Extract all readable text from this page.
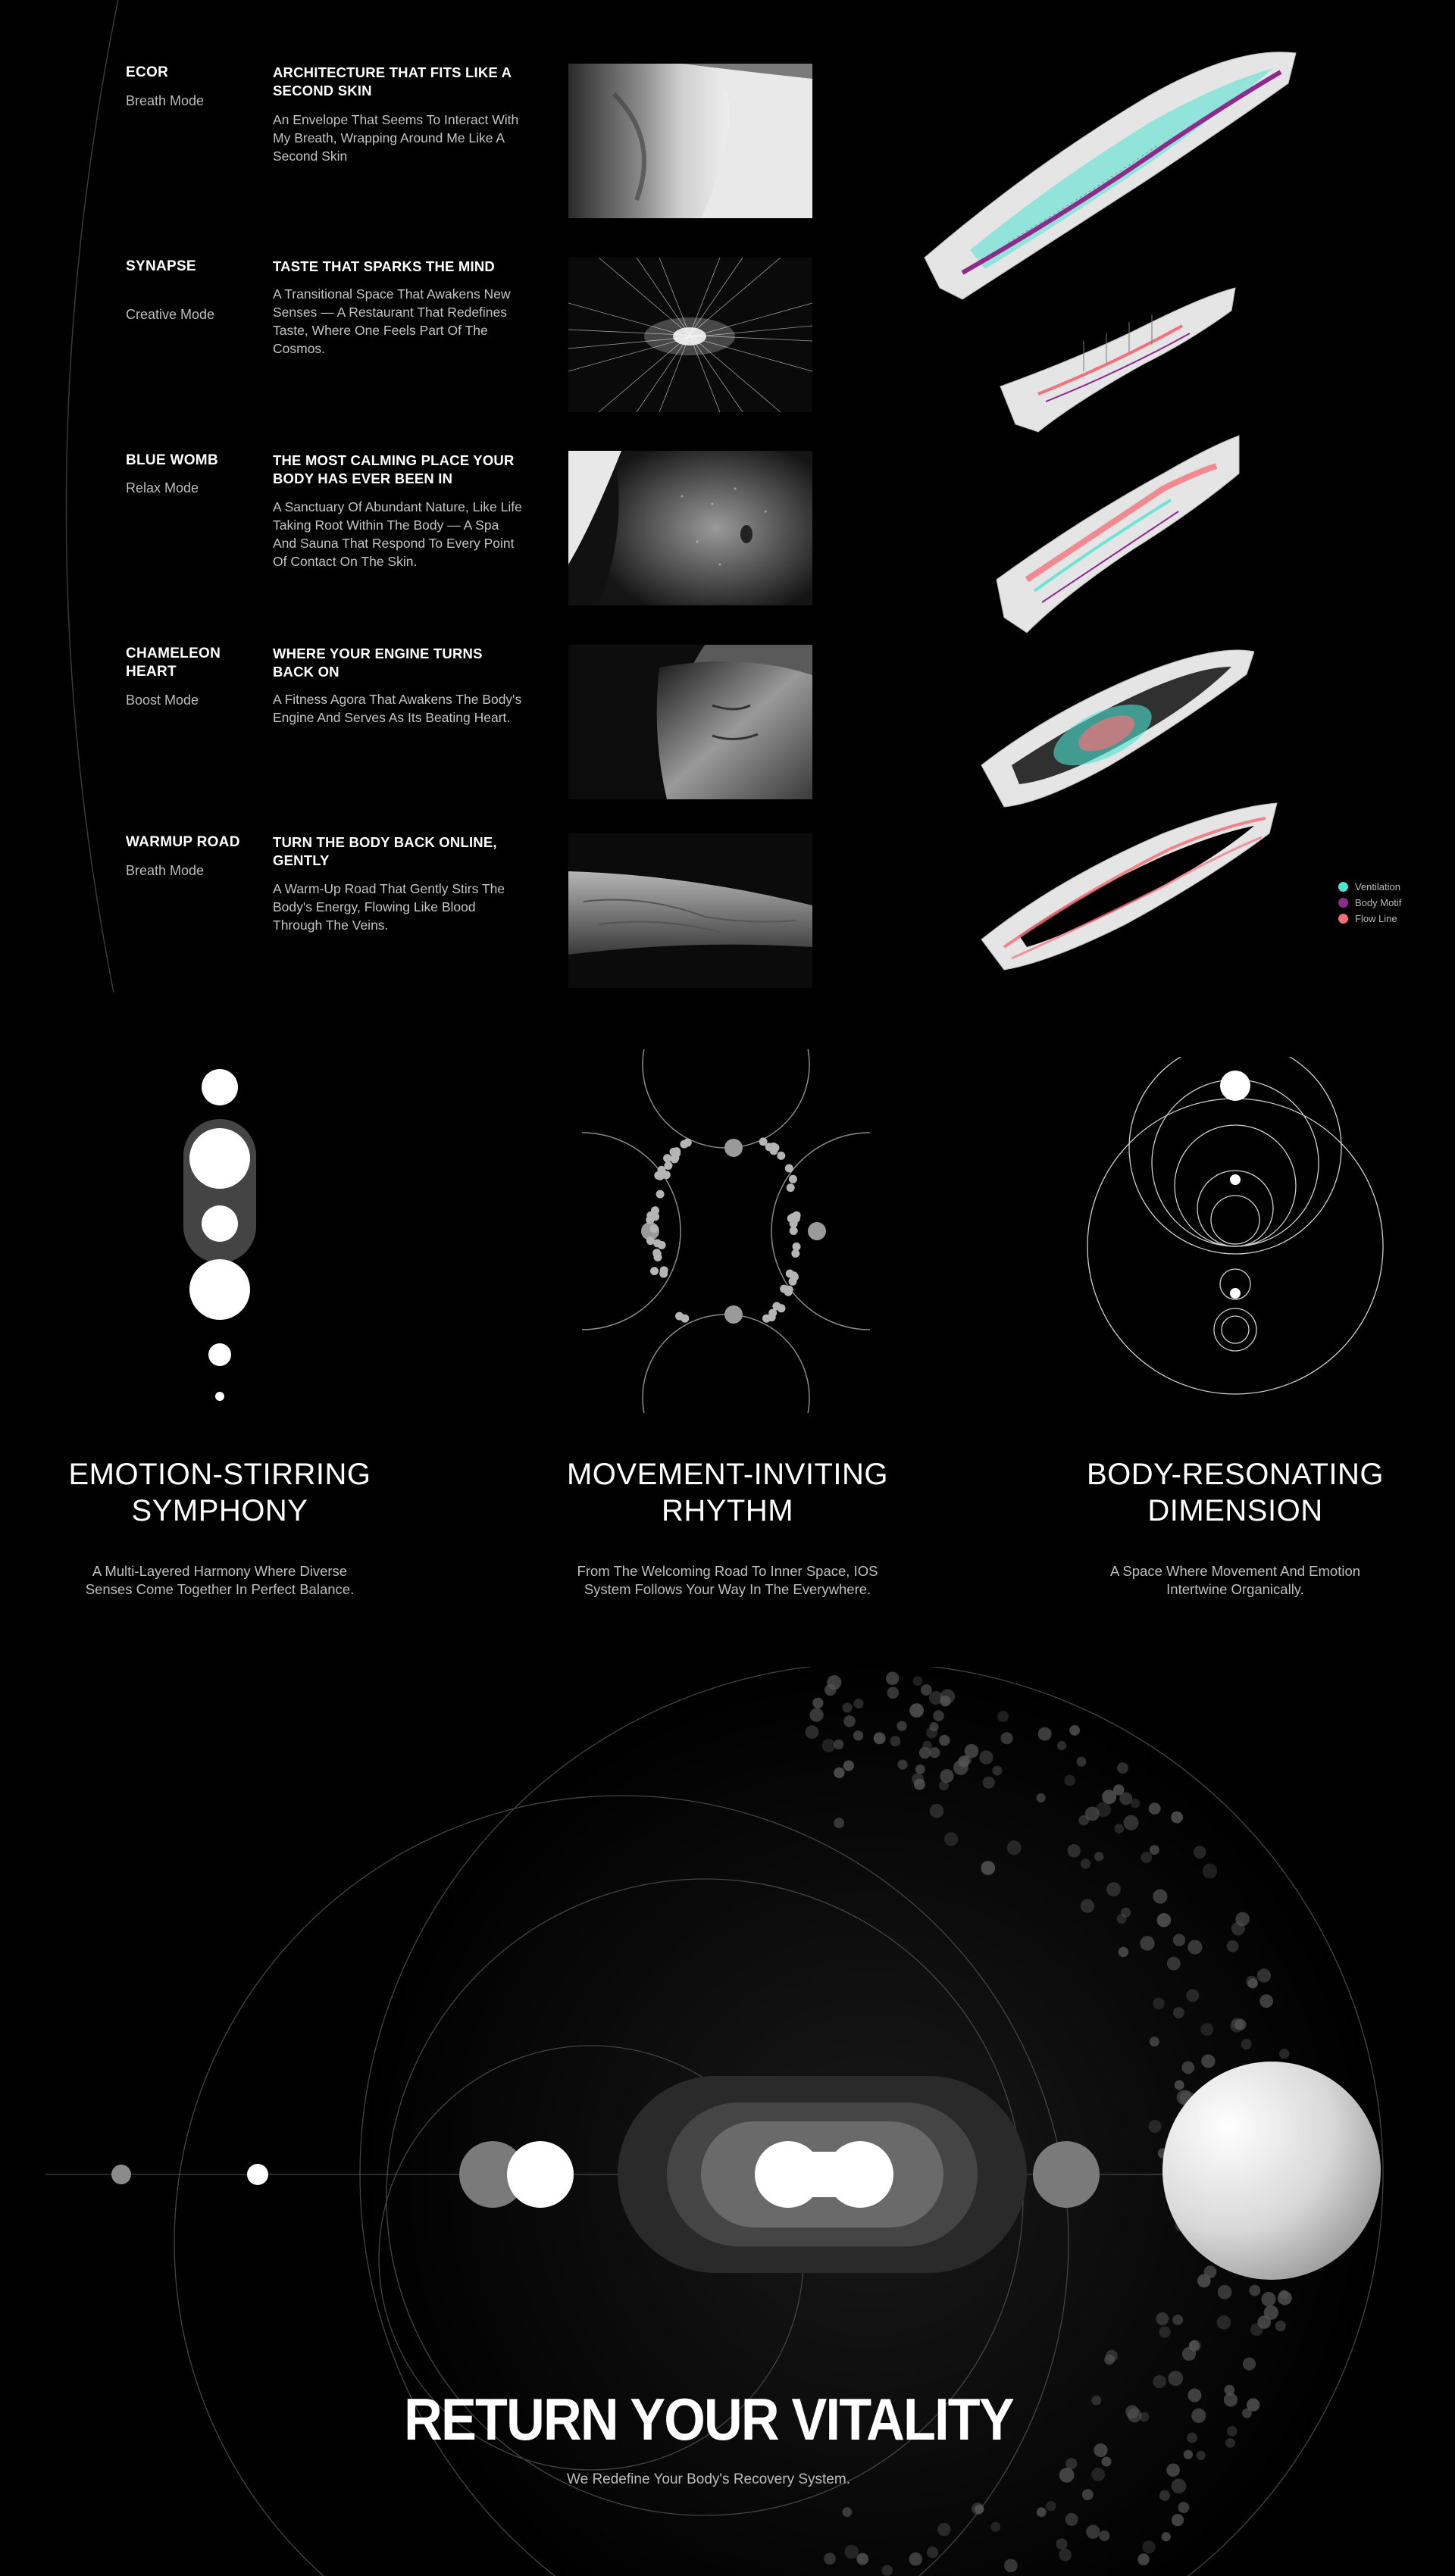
ECOR
Breath Mode
ARCHITECTURE THAT FITS LIKE A SECOND SKIN
An Envelope That Seems To Interact With My Breath, Wrapping Around Me Like A Second Skin
SYNAPSE
Creative Mode
TASTE THAT SPARKS THE MIND
A Transitional Space That Awakens New Senses — A Restaurant That Redefines Taste, Where One Feels Part Of The Cosmos.
BLUE WOMB
Relax Mode
THE MOST CALMING PLACE YOUR BODY HAS EVER BEEN IN
A Sanctuary Of Abundant Nature, Like Life Taking Root Within The Body — A Spa And Sauna That Respond To Every Point Of Contact On The Skin.
CHAMELEON HEART
Boost Mode
WHERE YOUR ENGINE TURNS BACK ON
A Fitness Agora That Awakens The Body's Engine And Serves As Its Beating Heart.
WARMUP ROAD
Breath Mode
TURN THE BODY BACK ONLINE, GENTLY
A Warm-Up Road That Gently Stirs The Body's Energy, Flowing Like Blood Through The Veins.
Ventilation
Body Motif
Flow Line
EMOTION-STIRRING
SYMPHONY
A Multi-Layered Harmony Where Diverse
Senses Come Together In Perfect Balance.
MOVEMENT-INVITING
RHYTHM
From The Welcoming Road To Inner Space, IOS
System Follows Your Way In The Everywhere.
BODY-RESONATING
DIMENSION
A Space Where Movement And Emotion
Intertwine Organically.
RETURN YOUR VITALITY
We Redefine Your Body's Recovery System.
